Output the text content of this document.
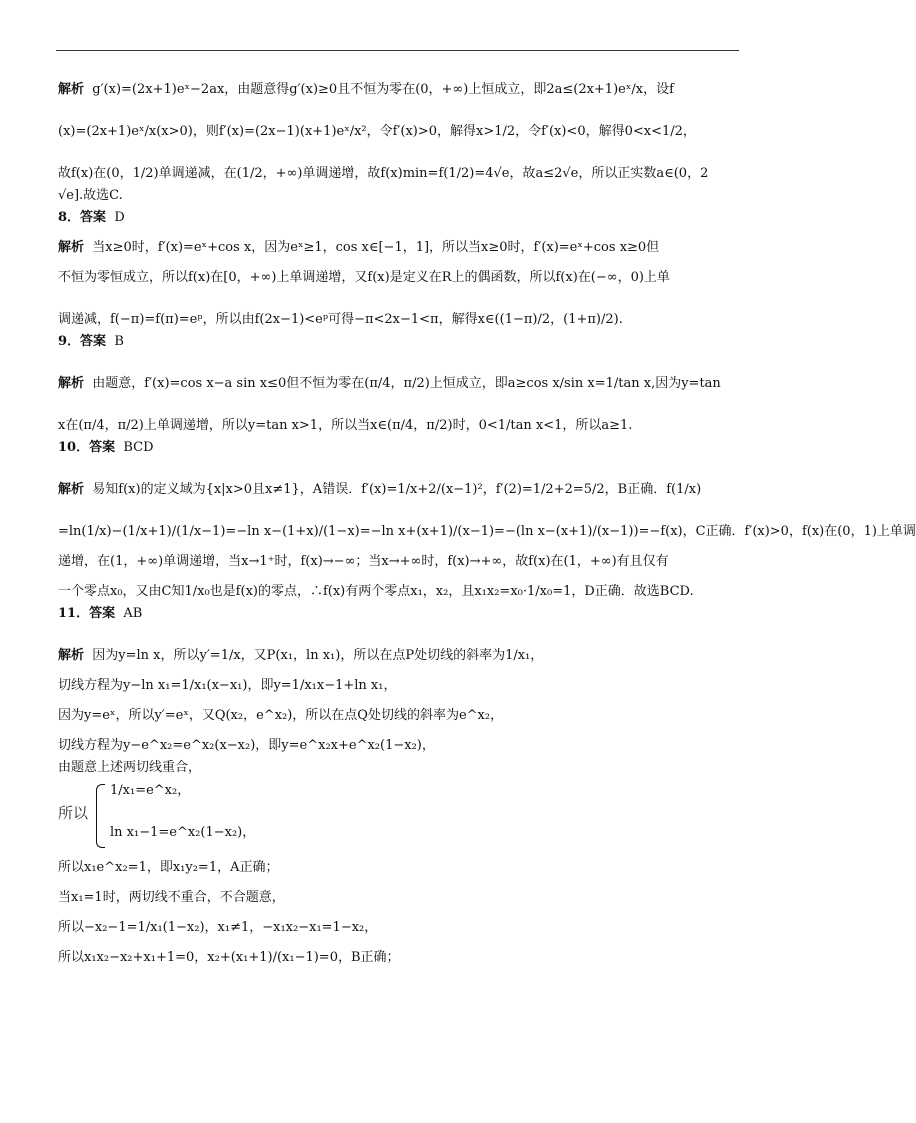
解析 g′(x)=(2x+1)eˣ−2ax，由题意得g′(x)≥0且不恒为零在(0，+∞)上恒成立，即2a≤(2x+1)eˣ/x，设f
(x)=(2x+1)eˣ/x(x>0)，则f′(x)=(2x−1)(x+1)eˣ/x²，令f′(x)>0，解得x>1/2，令f′(x)<0，解得0<x<1/2，
故f(x)在(0，1/2)单调递减，在(1/2，+∞)单调递增，故f(x)min=f(1/2)=4√e，故a≤2√e，所以正实数a∈(0，2
√e].故选C.
8．答案 D
解析 当x≥0时，f′(x)=eˣ+cos x，因为eˣ≥1，cos x∈[−1，1]，所以当x≥0时，f′(x)=eˣ+cos x≥0但
不恒为零恒成立，所以f(x)在[0，+∞)上单调递增，又f(x)是定义在R上的偶函数，所以f(x)在(−∞，0)上单
调递减，f(−π)=f(π)=eᵖ，所以由f(2x−1)<eᵖ可得−π<2x−1<π，解得x∈((1−π)/2，(1+π)/2).
9．答案 B
解析 由题意，f′(x)=cos x−a sin x≤0但不恒为零在(π/4，π/2)上恒成立，即a≥cos x/sin x=1/tan x,因为y=tan
x在(π/4，π/2)上单调递增，所以y=tan x>1，所以当x∈(π/4，π/2)时，0<1/tan x<1，所以a≥1.
10．答案 BCD
解析 易知f(x)的定义域为{x|x>0且x≠1}，A错误．f′(x)=1/x+2/(x−1)²，f′(2)=1/2+2=5/2，B正确．f(1/x)
=ln(1/x)−(1/x+1)/(1/x−1)=−ln x−(1+x)/(1−x)=−ln x+(x+1)/(x−1)=−(ln x−(x+1)/(x−1))=−f(x)，C正确．f′(x)>0，f(x)在(0，1)上单调
递增，在(1，+∞)单调递增，当x→1⁺时，f(x)→−∞；当x→+∞时，f(x)→+∞，故f(x)在(1，+∞)有且仅有
一个零点x₀，又由C知1/x₀也是f(x)的零点，∴f(x)有两个零点x₁，x₂，且x₁x₂=x₀·1/x₀=1，D正确．故选BCD.
11．答案 AB
解析 因为y=ln x，所以y′=1/x，又P(x₁，ln x₁)，所以在点P处切线的斜率为1/x₁，
切线方程为y−ln x₁=1/x₁(x−x₁)，即y=1/x₁x−1+ln x₁，
因为y=eˣ，所以y′=eˣ，又Q(x₂，e^x₂)，所以在点Q处切线的斜率为e^x₂，
切线方程为y−e^x₂=e^x₂(x−x₂)，即y=e^x₂x+e^x₂(1−x₂)，
由题意上述两切线重合，
所以
1/x₁=e^x₂，
ln x₁−1=e^x₂(1−x₂)，
所以x₁e^x₂=1，即x₁y₂=1，A正确；
当x₁=1时，两切线不重合，不合题意，
所以−x₂−1=1/x₁(1−x₂)，x₁≠1，−x₁x₂−x₁=1−x₂，
所以x₁x₂−x₂+x₁+1=0，x₂+(x₁+1)/(x₁−1)=0，B正确；
